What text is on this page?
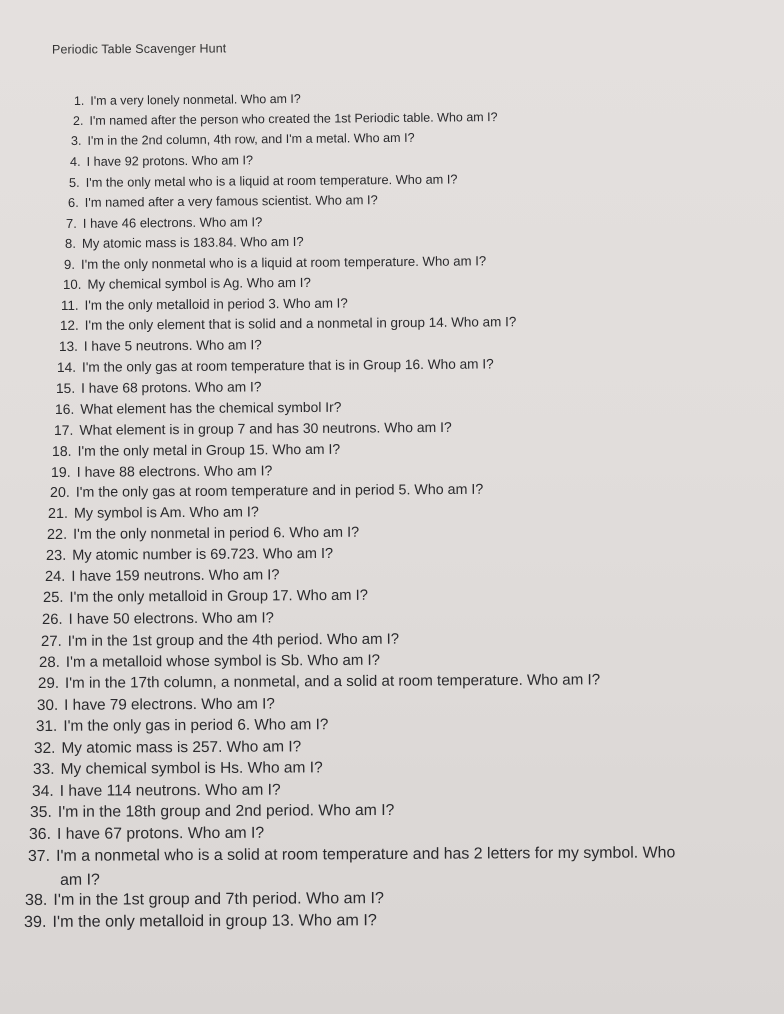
Periodic Table Scavenger Hunt
1. I'm a very lonely nonmetal. Who am I?
2. I'm named after the person who created the 1st Periodic table. Who am I?
3. I'm in the 2nd column, 4th row, and I'm a metal. Who am I?
4. I have 92 protons. Who am I?
5. I'm the only metal who is a liquid at room temperature. Who am I?
6. I'm named after a very famous scientist. Who am I?
7. I have 46 electrons. Who am I?
8. My atomic mass is 183.84. Who am I?
9. I'm the only nonmetal who is a liquid at room temperature. Who am I?
10. My chemical symbol is Ag. Who am I?
11. I'm the only metalloid in period 3. Who am I?
12. I'm the only element that is solid and a nonmetal in group 14. Who am I?
13. I have 5 neutrons. Who am I?
14. I'm the only gas at room temperature that is in Group 16. Who am I?
15. I have 68 protons. Who am I?
16. What element has the chemical symbol Ir?
17. What element is in group 7 and has 30 neutrons. Who am I?
18. I'm the only metal in Group 15. Who am I?
19. I have 88 electrons. Who am I?
20. I'm the only gas at room temperature and in period 5. Who am I?
21. My symbol is Am. Who am I?
22. I'm the only nonmetal in period 6. Who am I?
23. My atomic number is 69.723. Who am I?
24. I have 159 neutrons. Who am I?
25. I'm the only metalloid in Group 17. Who am I?
26. I have 50 electrons. Who am I?
27. I'm in the 1st group and the 4th period. Who am I?
28. I'm a metalloid whose symbol is Sb. Who am I?
29. I'm in the 17th column, a nonmetal, and a solid at room temperature. Who am I?
30. I have 79 electrons. Who am I?
31. I'm the only gas in period 6. Who am I?
32. My atomic mass is 257. Who am I?
33. My chemical symbol is Hs. Who am I?
34. I have 114 neutrons. Who am I?
35. I'm in the 18th group and 2nd period. Who am I?
36. I have 67 protons. Who am I?
37. I'm a nonmetal who is a solid at room temperature and has 2 letters for my symbol. Who
am I?
38. I'm in the 1st group and 7th period. Who am I?
39. I'm the only metalloid in group 13. Who am I?
